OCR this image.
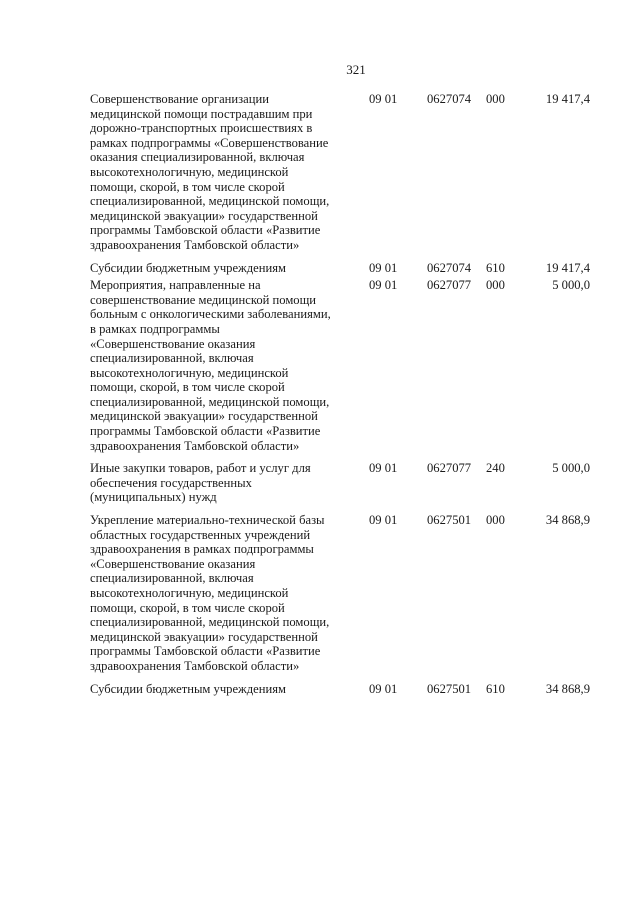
321
Совершенствование организации
медицинской помощи пострадавшим при
дорожно-транспортных происшествиях в
рамках подпрограммы «Совершенствование
оказания специализированной, включая
высокотехнологичную, медицинской
помощи, скорой, в том числе скорой
специализированной, медицинской помощи,
медицинской эвакуации» государственной
программы Тамбовской области «Развитие
здравоохранения Тамбовской области»
09 01	0627074	000	19 417,4
Субсидии бюджетным учреждениям	09 01	0627074	610	19 417,4
Мероприятия, направленные на
совершенствование медицинской помощи
больным с онкологическими заболеваниями,
в рамках подпрограммы
«Совершенствование оказания
специализированной, включая
высокотехнологичную, медицинской
помощи, скорой, в том числе скорой
специализированной, медицинской помощи,
медицинской эвакуации» государственной
программы Тамбовской области «Развитие
здравоохранения Тамбовской области»
09 01	0627077	000	5 000,0
Иные закупки товаров, работ и услуг для
обеспечения государственных
(муниципальных) нужд
09 01	0627077	240	5 000,0
Укрепление материально-технической базы
областных государственных учреждений
здравоохранения в рамках подпрограммы
«Совершенствование оказания
специализированной, включая
высокотехнологичную, медицинской
помощи, скорой, в том числе скорой
специализированной, медицинской помощи,
медицинской эвакуации» государственной
программы Тамбовской области «Развитие
здравоохранения Тамбовской области»
09 01	0627501	000	34 868,9
Субсидии бюджетным учреждениям	09 01	0627501	610	34 868,9
